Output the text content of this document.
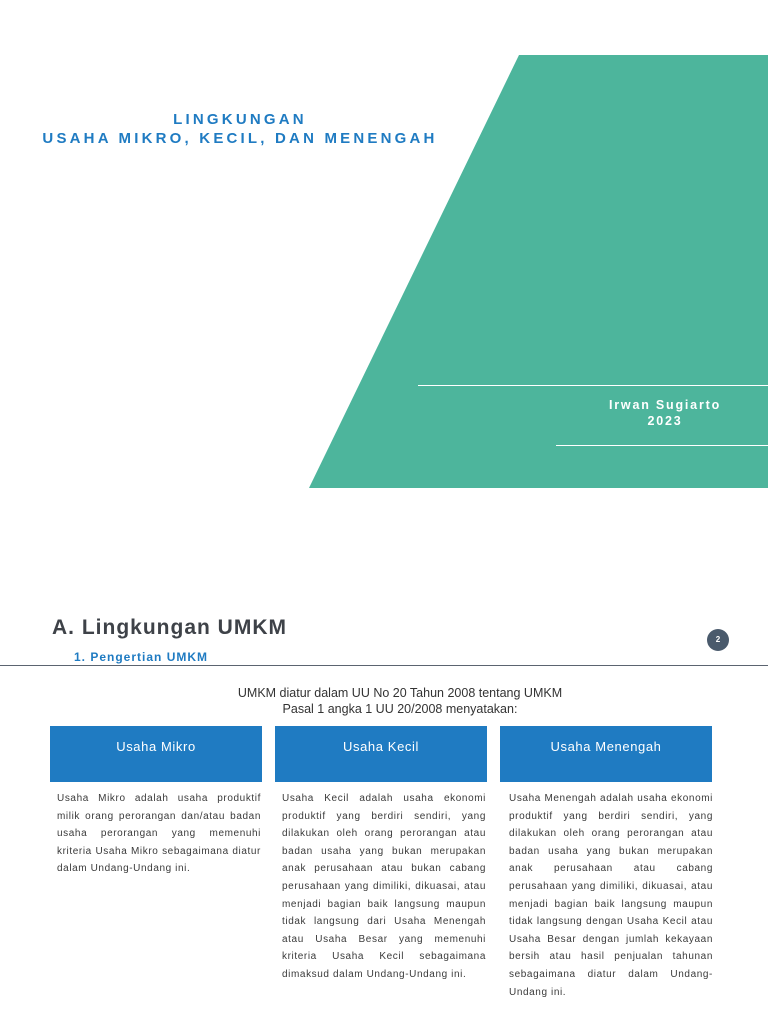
LINGKUNGAN
USAHA MIKRO, KECIL, DAN MENENGAH
Irwan Sugiarto
2023
A. Lingkungan UMKM
2
1. Pengertian UMKM
UMKM diatur dalam UU No 20 Tahun 2008 tentang UMKM
Pasal 1 angka 1 UU 20/2008 menyatakan:
Usaha Mikro	Usaha Kecil	Usaha Menengah
Usaha Mikro adalah usaha produktif milik orang perorangan dan/atau badan usaha perorangan yang memenuhi kriteria Usaha Mikro sebagaimana diatur dalam Undang-Undang ini.
Usaha Kecil adalah usaha ekonomi produktif yang berdiri sendiri, yang dilakukan oleh orang perorangan atau badan usaha yang bukan merupakan anak perusahaan atau bukan cabang perusahaan yang dimiliki, dikuasai, atau menjadi bagian baik langsung maupun tidak langsung dari Usaha Menengah atau Usaha Besar yang memenuhi kriteria Usaha Kecil sebagaimana dimaksud dalam Undang-Undang ini.
Usaha Menengah adalah usaha ekonomi produktif yang berdiri sendiri, yang dilakukan oleh orang perorangan atau badan usaha yang bukan merupakan anak perusahaan atau cabang perusahaan yang dimiliki, dikuasai, atau menjadi bagian baik langsung maupun tidak langsung dengan Usaha Kecil atau Usaha Besar dengan jumlah kekayaan bersih atau hasil penjualan tahunan sebagaimana diatur dalam Undang-Undang ini.
